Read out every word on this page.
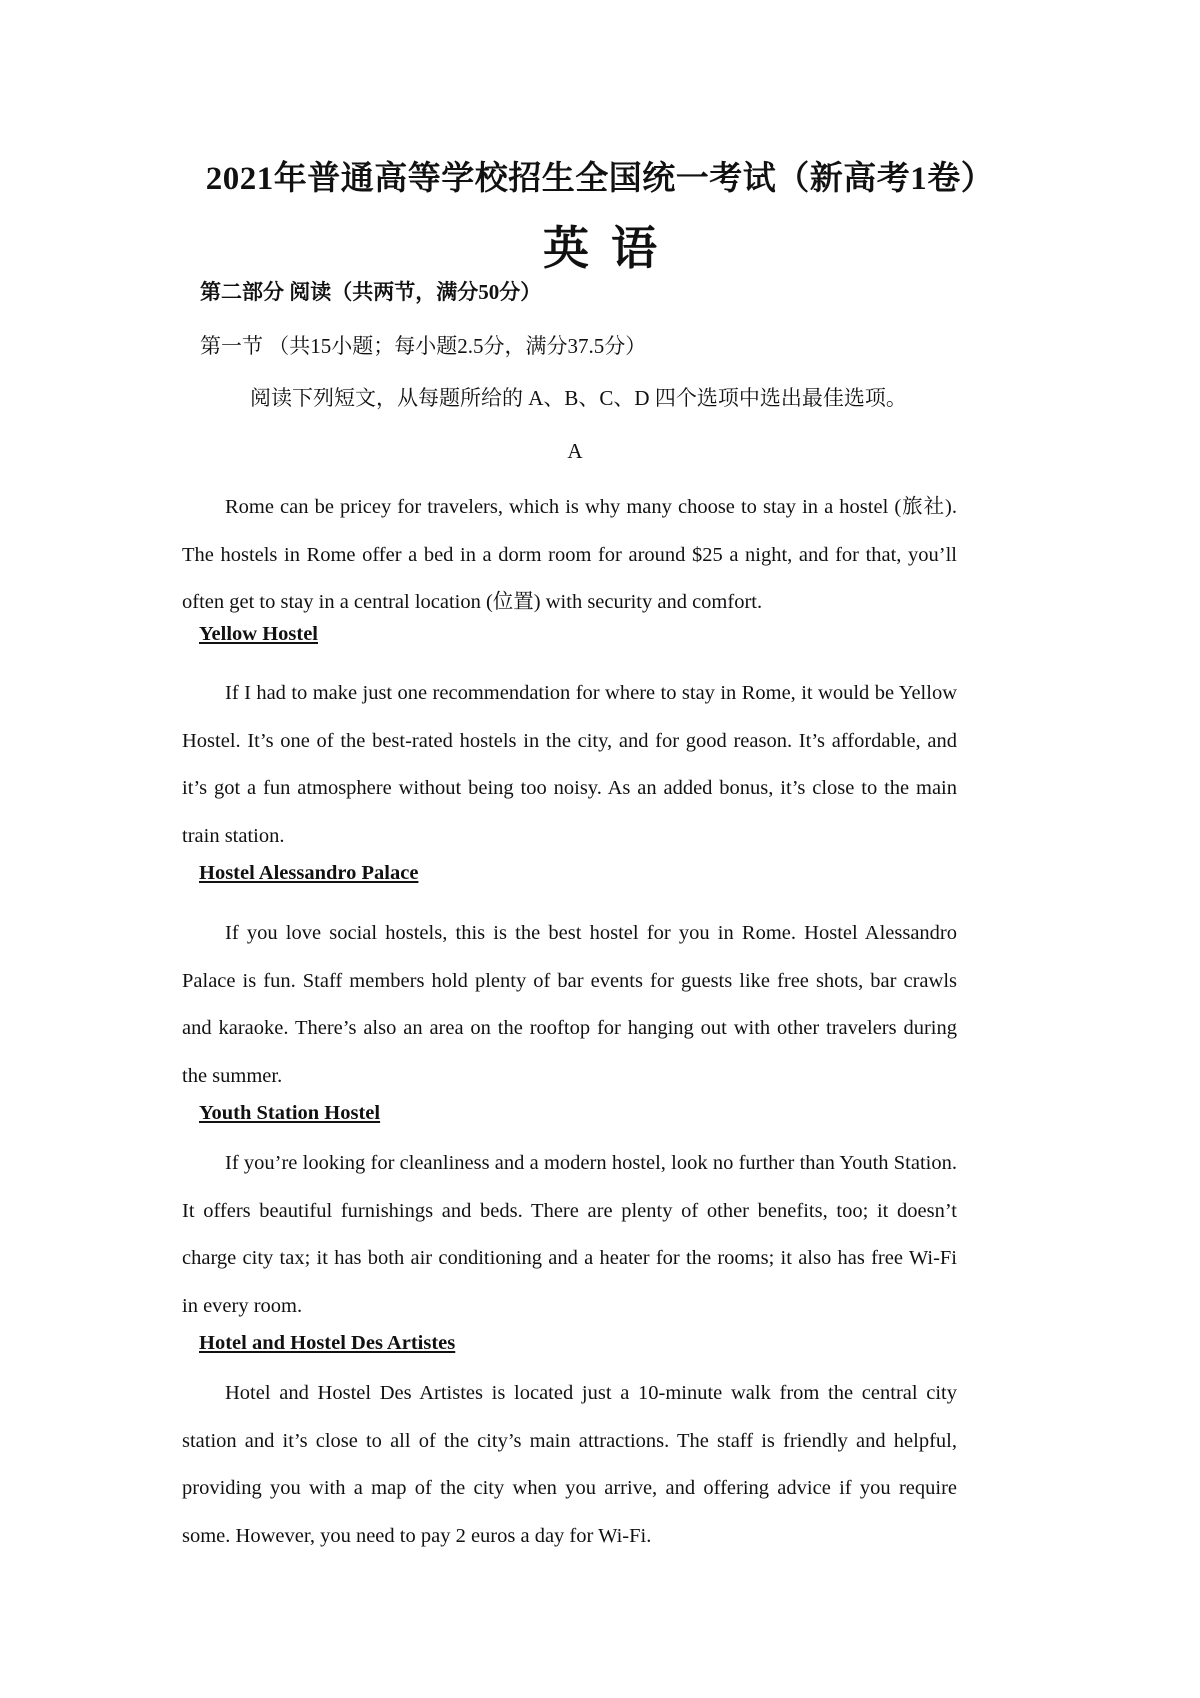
2021年普通高等学校招生全国统一考试（新高考1卷）
英语
第二部分 阅读（共两节，满分50分）
第一节 （共15小题；每小题2.5分，满分37.5分）
阅读下列短文，从每题所给的 A、B、C、D 四个选项中选出最佳选项。
A

Rome can be pricey for travelers, which is why many choose to stay in a hostel (旅社). The hostels in Rome offer a bed in a dorm room for around $25 a night, and for that, you’ll often get to stay in a central location (位置) with security and comfort.

Yellow Hostel

If I had to make just one recommendation for where to stay in Rome, it would be Yellow Hostel. It’s one of the best-rated hostels in the city, and for good reason. It’s affordable, and it’s got a fun atmosphere without being too noisy. As an added bonus, it’s close to the main train station.

Hostel Alessandro Palace

If you love social hostels, this is the best hostel for you in Rome. Hostel Alessandro Palace is fun. Staff members hold plenty of bar events for guests like free shots, bar crawls and karaoke. There’s also an area on the rooftop for hanging out with other travelers during the summer.

Youth Station Hostel

If you’re looking for cleanliness and a modern hostel, look no further than Youth Station. It offers beautiful furnishings and beds. There are plenty of other benefits, too; it doesn’t charge city tax; it has both air conditioning and a heater for the rooms; it also has free Wi-Fi in every room.

Hotel and Hostel Des Artistes

Hotel and Hostel Des Artistes is located just a 10-minute walk from the central city station and it’s close to all of the city’s main attractions. The staff is friendly and helpful, providing you with a map of the city when you arrive, and offering advice if you require some. However, you need to pay 2 euros a day for Wi-Fi.
